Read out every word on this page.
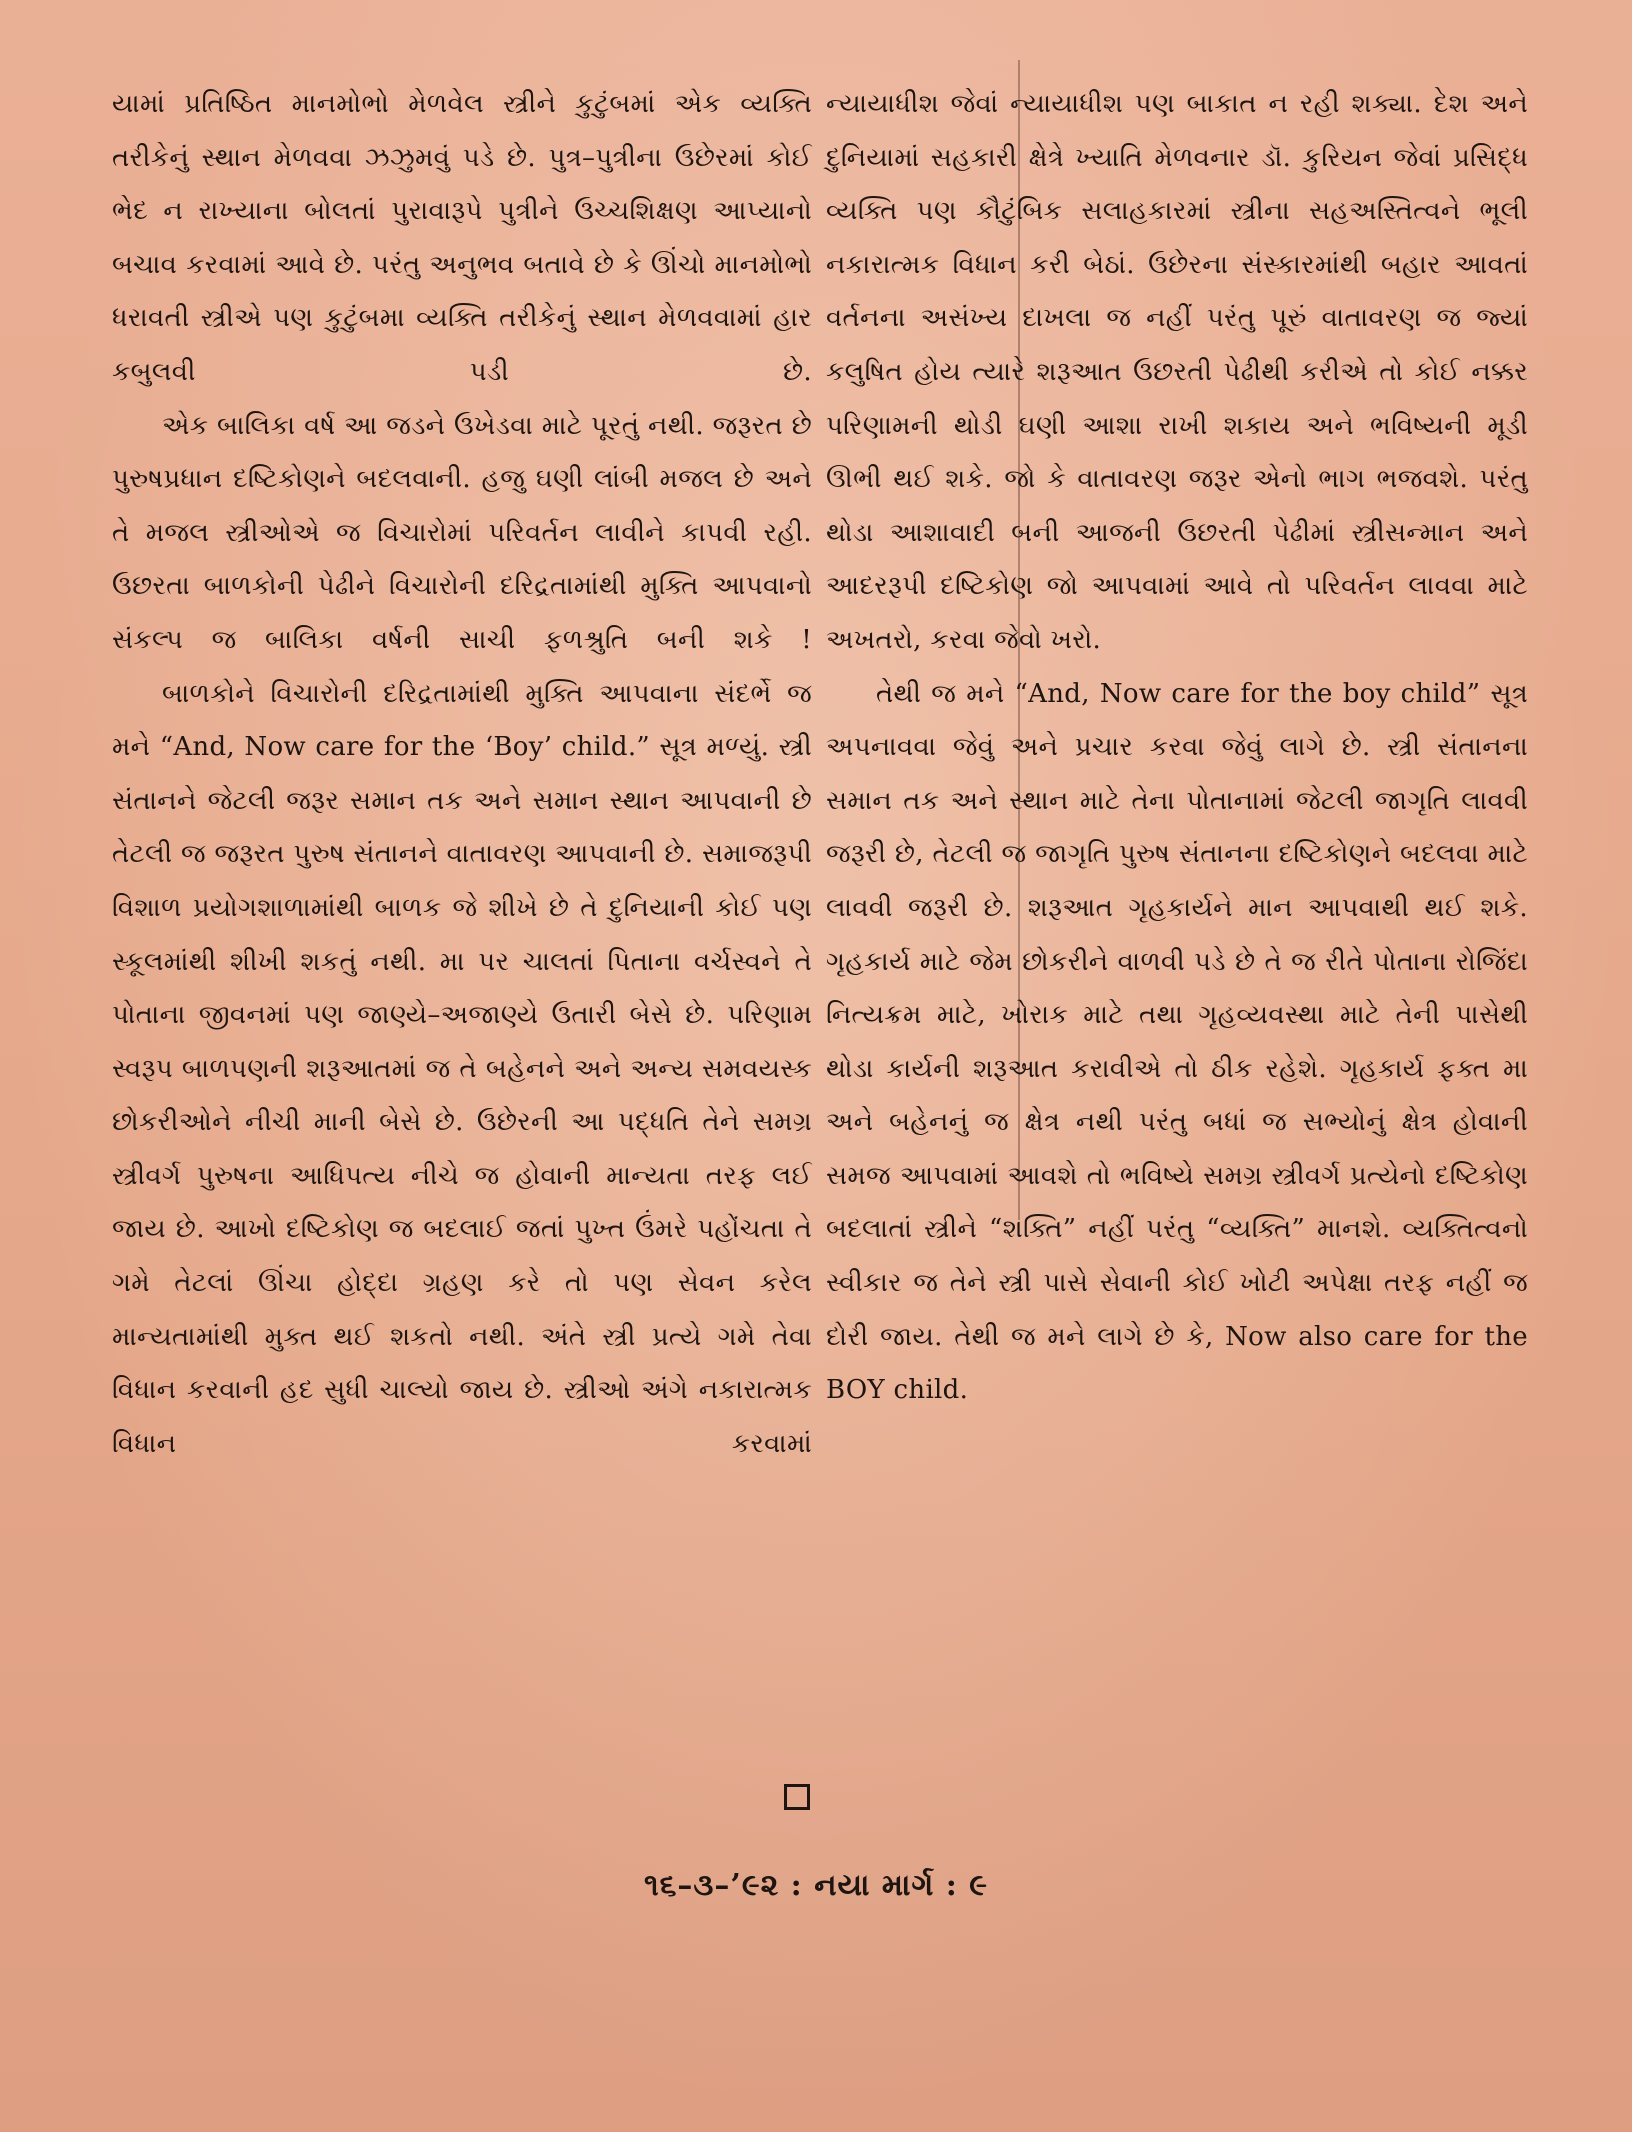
યામાં પ્રતિષ્ઠિત માનમોભો મેળવેલ સ્ત્રીને કુટુંબમાં એક વ્યક્તિ તરીકેનું સ્થાન મેળવવા ઝઝુમવું પડે છે. પુત્ર–પુત્રીના ઉછેરમાં કોઈ ભેદ ન રાખ્યાના બોલતાં પુરાવારૂપે પુત્રીને ઉચ્ચશિક્ષણ આપ્યાનો બચાવ કરવામાં આવે છે. પરંતુ અનુભવ બતાવે છે કે ઊંચો માનમોભો ધરાવતી સ્ત્રીએ પણ કુટુંબમા વ્યક્તિ તરીકેનું સ્થાન મેળવવામાં હાર કબુલવી પડી છે.

એક બાલિકા વર્ષ આ જડને ઉખેડવા માટે પૂરતું નથી. જરૂરત છે પુરુષપ્રધાન દષ્ટિકોણને બદલવાની. હજુ ઘણી લાંબી મજલ છે અને તે મજલ સ્ત્રીઓએ જ વિચારોમાં પરિવર્તન લાવીને કાપવી રહી. ઉછરતા બાળકોની પેઢીને વિચારોની દરિદ્રતામાંથી મુક્તિ આપવાનો સંકલ્પ જ બાલિકા વર્ષની સાચી ફળશ્રુતિ બની શકે !

બાળકોને વિચારોની દરિદ્રતામાંથી મુક્તિ આપવાના સંદર્ભે જ મને “And, Now care for the ‘Boy’ child.” સૂત્ર મળ્યું. સ્ત્રી સંતાનને જેટલી જરૂર સમાન તક અને સમાન સ્થાન આપવાની છે તેટલી જ જરૂરત પુરુષ સંતાનને વાતાવરણ આપવાની છે. સમાજરૂપી વિશાળ પ્રયોગશાળામાંથી બાળક જે શીખે છે તે દુનિયાની કોઈ પણ સ્કૂલમાંથી શીખી શકતું નથી. મા પર ચાલતાં પિતાના વર્ચસ્વને તે પોતાના જીવનમાં પણ જાણ્યે–અજાણ્યે ઉતારી બેસે છે. પરિણામ સ્વરૂપ બાળપણની શરૂઆતમાં જ તે બહેનને અને અન્ય સમવયસ્ક છોકરીઓને નીચી માની બેસે છે. ઉછેરની આ પદ્ધતિ તેને સમગ્ર સ્ત્રીવર્ગ પુરુષના આધિપત્ય નીચે જ હોવાની માન્યતા તરફ લઈ જાય છે. આખો દષ્ટિકોણ જ બદલાઈ જતાં પુખ્ત ઉંમરે પહોંચતા તે ગમે તેટલાં ઊંચા હોદ્દા ગ્રહણ કરે તો પણ સેવન કરેલ માન્યતામાંથી મુક્ત થઈ શકતો નથી. અંતે સ્ત્રી પ્રત્યે ગમે તેવા વિધાન કરવાની હદ સુધી ચાલ્યો જાય છે. સ્ત્રીઓ અંગે નકારાત્મક વિધાન કરવામાં

ન્યાયાધીશ જેવાં ન્યાયાધીશ પણ બાકાત ન રહી શક્યા. દેશ અને દુનિયામાં સહકારી ક્ષેત્રે ખ્યાતિ મેળવનાર ડૉ. કુરિયન જેવાં પ્રસિદ્ધ વ્યક્તિ પણ કૌટુંબિક સલાહકારમાં સ્ત્રીના સહઅસ્તિત્વને ભૂલી નકારાત્મક વિધાન કરી બેઠાં. ઉછેરના સંસ્કારમાંથી બહાર આવતાં વર્તનના અસંખ્ય દાખલા જ નહીં પરંતુ પૂરું વાતાવરણ જ જ્યાં કલુષિત હોય ત્યારે શરૂઆત ઉછરતી પેઢીથી કરીએ તો કોઈ નક્કર પરિણામની થોડી ઘણી આશા રાખી શકાય અને ભવિષ્યની મૂડી ઊભી થઈ શકે. જો કે વાતાવરણ જરૂર એનો ભાગ ભજવશે. પરંતુ થોડા આશાવાદી બની આજની ઉછરતી પેઢીમાં સ્ત્રીસન્માન અને આદરરૂપી દષ્ટિકોણ જો આપવામાં આવે તો પરિવર્તન લાવવા માટે અખતરો, કરવા જેવો ખરો.

તેથી જ મને “And, Now care for the boy child” સૂત્ર અપનાવવા જેવું અને પ્રચાર કરવા જેવું લાગે છે. સ્ત્રી સંતાનના સમાન તક અને સ્થાન માટે તેના પોતાનામાં જેટલી જાગૃતિ લાવવી જરૂરી છે, તેટલી જ જાગૃતિ પુરુષ સંતાનના દષ્ટિકોણને બદલવા માટે લાવવી જરૂરી છે. શરૂઆત ગૃહકાર્યને માન આપવાથી થઈ શકે. ગૃહકાર્ય માટે જેમ છોકરીને વાળવી પડે છે તે જ રીતે પોતાના રોજિંદા નિત્યક્રમ માટે, ખોરાક માટે તથા ગૃહવ્યવસ્થા માટે તેની પાસેથી થોડા કાર્યની શરૂઆત કરાવીએ તો ઠીક રહેશે. ગૃહકાર્ય ફક્ત મા અને બહેનનું જ ક્ષેત્ર નથી પરંતુ બધાં જ સભ્યોનું ક્ષેત્ર હોવાની સમજ આપવામાં આવશે તો ભવિષ્યે સમગ્ર સ્ત્રીવર્ગ પ્રત્યેનો દષ્ટિકોણ બદલાતાં સ્ત્રીને “શક્તિ” નહીં પરંતુ “વ્યક્તિ” માનશે. વ્યક્તિત્વનો સ્વીકાર જ તેને સ્ત્રી પાસે સેવાની કોઈ ખોટી અપેક્ષા તરફ નહીં જ દોરી જાય. તેથી જ મને લાગે છે કે, Now also care for the BOY child.

૧૬–૩–’૯૨ : નયા માર્ગ : ૯
